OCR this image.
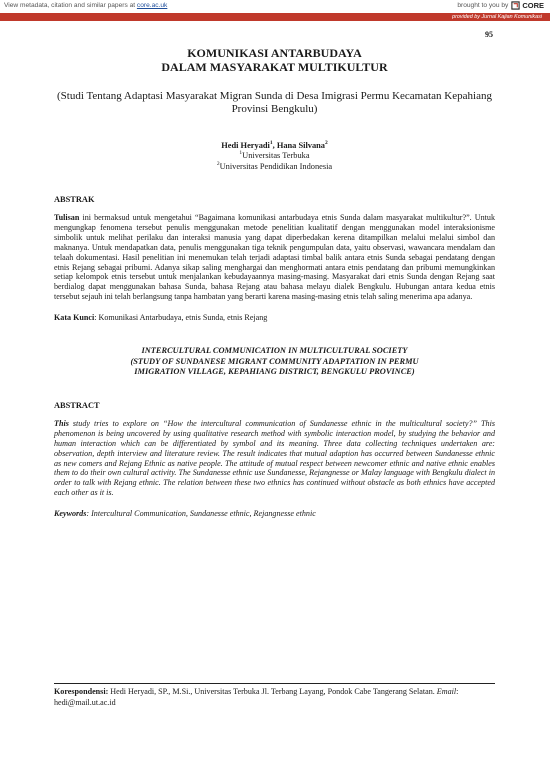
View metadata, citation and similar papers at core.ac.uk	brought to you by CORE
provided by Jurnal Kajian Komunikasi
95
KOMUNIKASI ANTARBUDAYA
DALAM MASYARAKAT MULTIKULTUR
(Studi Tentang Adaptasi Masyarakat Migran Sunda di Desa Imigrasi Permu Kecamatan Kepahiang Provinsi Bengkulu)
Hedi Heryadi$^1$, Hana Silvana$^2$
$^1$Universitas Terbuka
$^2$Universitas Pendidikan Indonesia
ABSTRAK
Tulisan ini bermaksud untuk mengetahui “Bagaimana komunikasi antarbudaya etnis Sunda dalam masyarakat multikultur?”. Untuk mengungkap fenomena tersebut penulis menggunakan metode penelitian kualitatif dengan menggunakan model interaksionisme simbolik untuk melihat perilaku dan interaksi manusia yang dapat diperbedakan kerena ditampilkan melalui melalui simbol dan maknanya. Untuk mendapatkan data, penulis menggunakan tiga teknik pengumpulan data, yaitu observasi, wawancara mendalam dan telaah dokumentasi. Hasil penelitian ini menemukan telah terjadi adaptasi timbal balik antara etnis Sunda sebagai pendatang dengan etnis Rejang sebagai pribumi. Adanya sikap saling menghargai dan menghormati antara etnis pendatang dan pribumi memungkinkan setiap kelompok etnis tersebut untuk menjalankan kebudayaannya masing-masing. Masyarakat dari etnis Sunda dengan Rejang saat berdialog dapat menggunakan bahasa Sunda, bahasa Rejang atau bahasa melayu dialek Bengkulu. Hubungan antara kedua etnis tersebut sejauh ini telah berlangsung tanpa hambatan yang berarti karena masing-masing etnis telah saling menerima apa adanya.
Kata Kunci: Komunikasi Antarbudaya, etnis Sunda, etnis Rejang
INTERCULTURAL COMMUNICATION IN MULTICULTURAL SOCIETY
(STUDY OF SUNDANESE MIGRANT COMMUNITY ADAPTATION IN PERMU
IMIGRATION VILLAGE, KEPAHIANG DISTRICT, BENGKULU PROVINCE)
ABSTRACT
This study tries to explore on “How the intercultural communication of Sundanesse ethnic in the multicultural society?” This phenomenon is being uncovered by using qualitative research method with symbolic interaction model, by studying the behavior and human interaction which can be differentiated by symbol and its meaning. Three data collecting techniques undertaken are: observation, depth interview and literature review. The result indicates that mutual adaption has occurred between Sundanesse ethnic as new comers and Rejang Ethnic as native people. The attitude of mutual respect between newcomer ethnic and native ethnic enables them to do their own cultural activity. The Sundanesse ethnic use Sundanesse, Rejangnesse or Malay language with Bengkulu dialect in order to talk with Rejang ethnic. The relation between these two ethnics has continued without obstacle as both ethnics have accepted each other as it is.
Keywords: Intercultural Communication, Sundanesse ethnic, Rejangnesse ethnic
Korespondensi: Hedi Heryadi, SP., M.Si., Universitas Terbuka Jl. Terbang Layang, Pondok Cabe Tangerang Selatan. Email: hedi@mail.ut.ac.id
